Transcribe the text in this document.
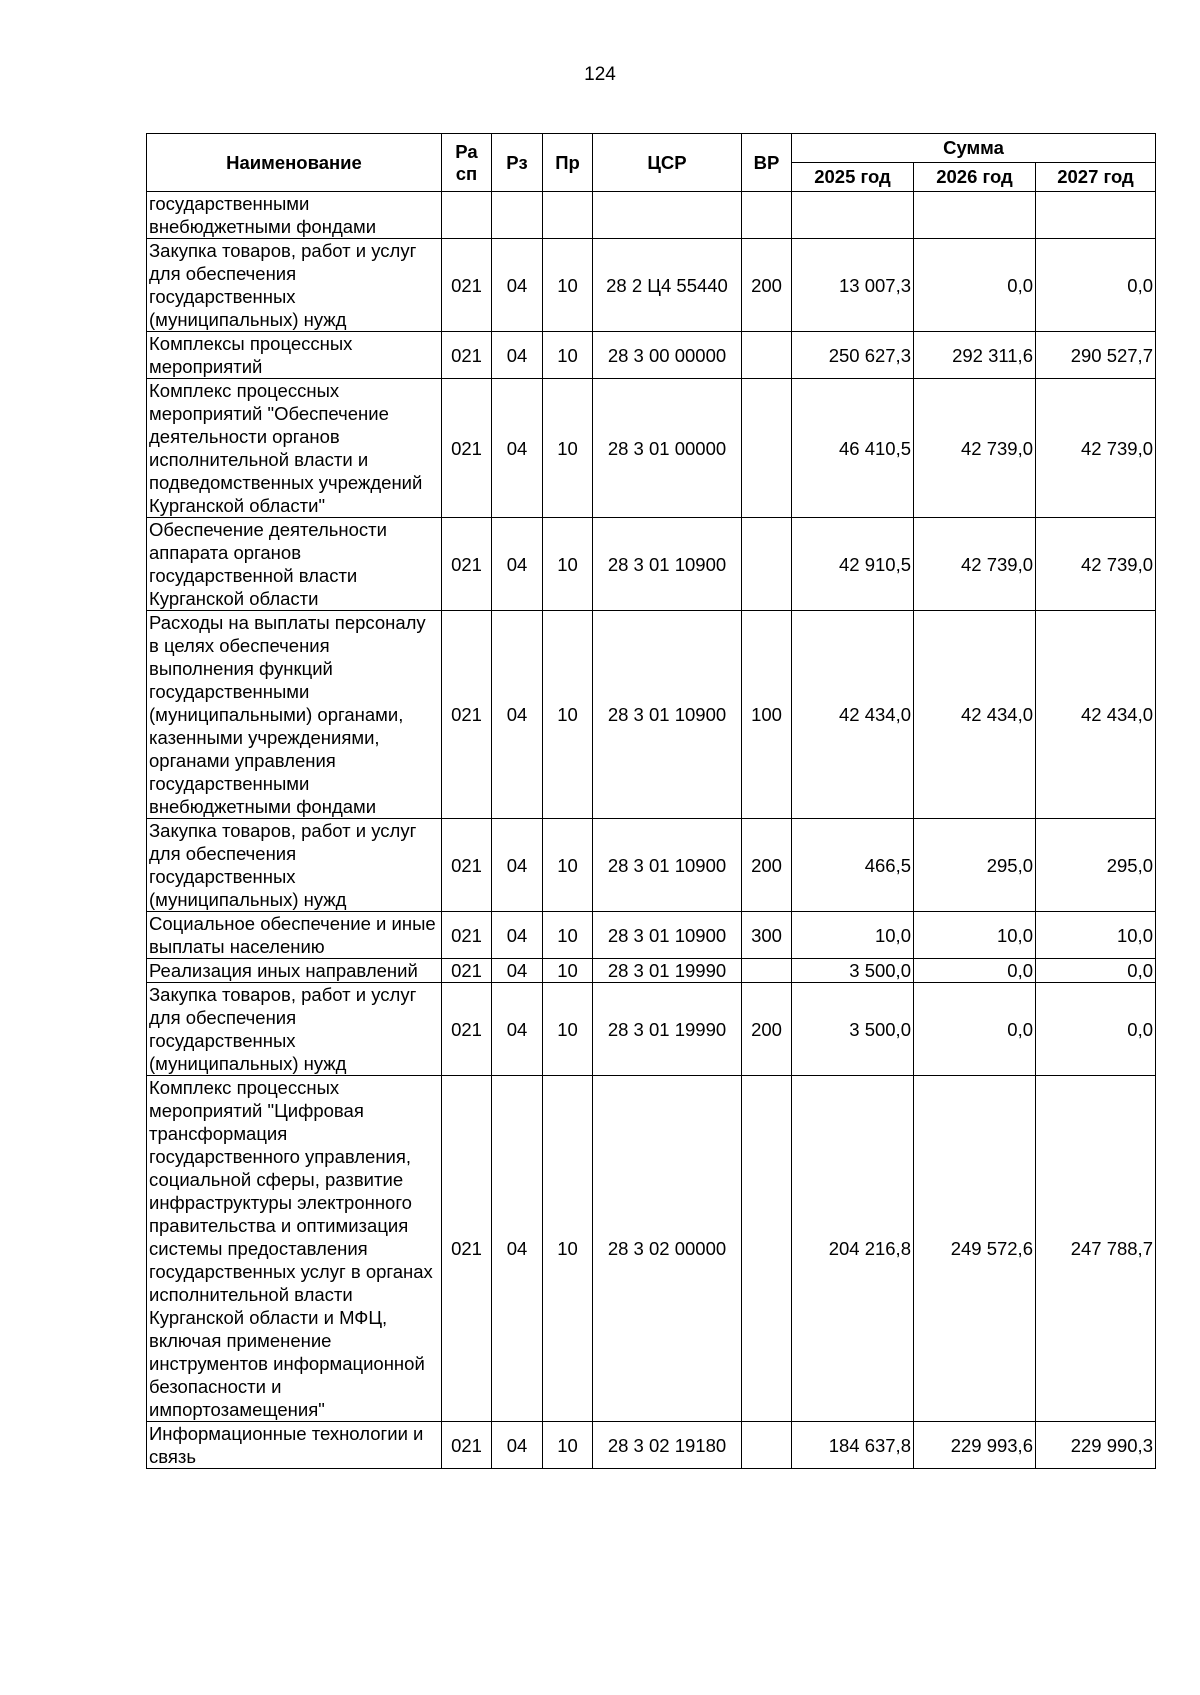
124
Наименование	Ра сп	Рз	Пр	ЦСР	ВР	Сумма		
						2025 год	2026 год	2027 год
государственными внебюджетными фондами								
Закупка товаров, работ и услуг для обеспечения государственных (муниципальных) нужд	021	04	10	28 2 Ц4 55440	200	13 007,3	0,0	0,0
Комплексы процессных мероприятий	021	04	10	28 3 00 00000		250 627,3	292 311,6	290 527,7
Комплекс процессных мероприятий "Обеспечение деятельности органов исполнительной власти и подведомственных учреждений Курганской области"	021	04	10	28 3 01 00000		46 410,5	42 739,0	42 739,0
Обеспечение деятельности аппарата органов государственной власти Курганской области	021	04	10	28 3 01 10900		42 910,5	42 739,0	42 739,0
Расходы на выплаты персоналу в целях обеспечения выполнения функций государственными (муниципальными) органами, казенными учреждениями, органами управления государственными внебюджетными фондами	021	04	10	28 3 01 10900	100	42 434,0	42 434,0	42 434,0
Закупка товаров, работ и услуг для обеспечения государственных (муниципальных) нужд	021	04	10	28 3 01 10900	200	466,5	295,0	295,0
Социальное обеспечение и иные выплаты населению	021	04	10	28 3 01 10900	300	10,0	10,0	10,0
Реализация иных направлений	021	04	10	28 3 01 19990		3 500,0	0,0	0,0
Закупка товаров, работ и услуг для обеспечения государственных (муниципальных) нужд	021	04	10	28 3 01 19990	200	3 500,0	0,0	0,0
Комплекс процессных мероприятий "Цифровая трансформация государственного управления, социальной сферы, развитие инфраструктуры электронного правительства и оптимизация системы предоставления государственных услуг в органах исполнительной власти Курганской области и МФЦ, включая применение инструментов информационной безопасности и импортозамещения"	021	04	10	28 3 02 00000		204 216,8	249 572,6	247 788,7
Информационные технологии и связь	021	04	10	28 3 02 19180		184 637,8	229 993,6	229 990,3
